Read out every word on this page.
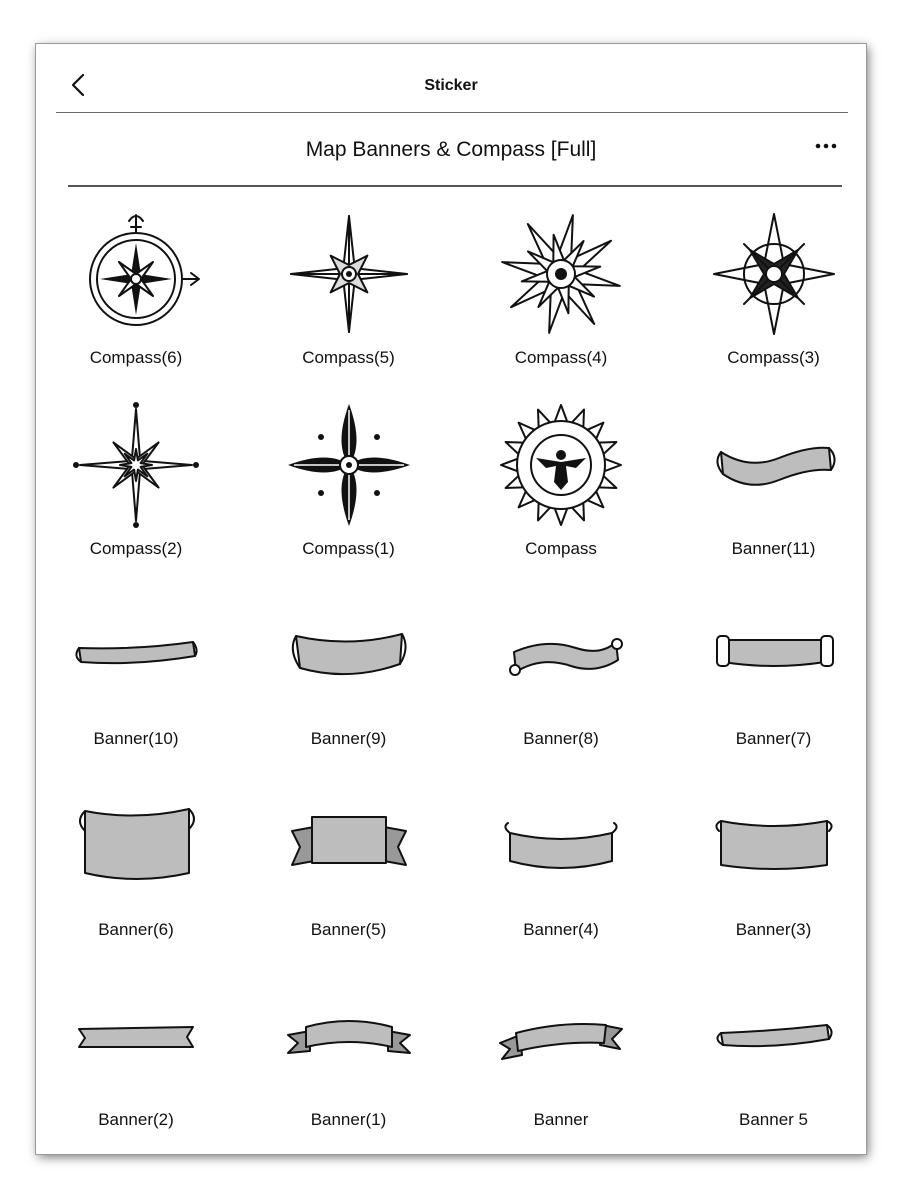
Sticker
Map Banners & Compass [Full]
Compass(6)	Compass(5)	Compass(4)	Compass(3)
Compass(2)	Compass(1)	Compass	Banner(11)
Banner(10)	Banner(9)	Banner(8)	Banner(7)
Banner(6)	Banner(5)	Banner(4)	Banner(3)
Banner(2)	Banner(1)	Banner	Banner 5
